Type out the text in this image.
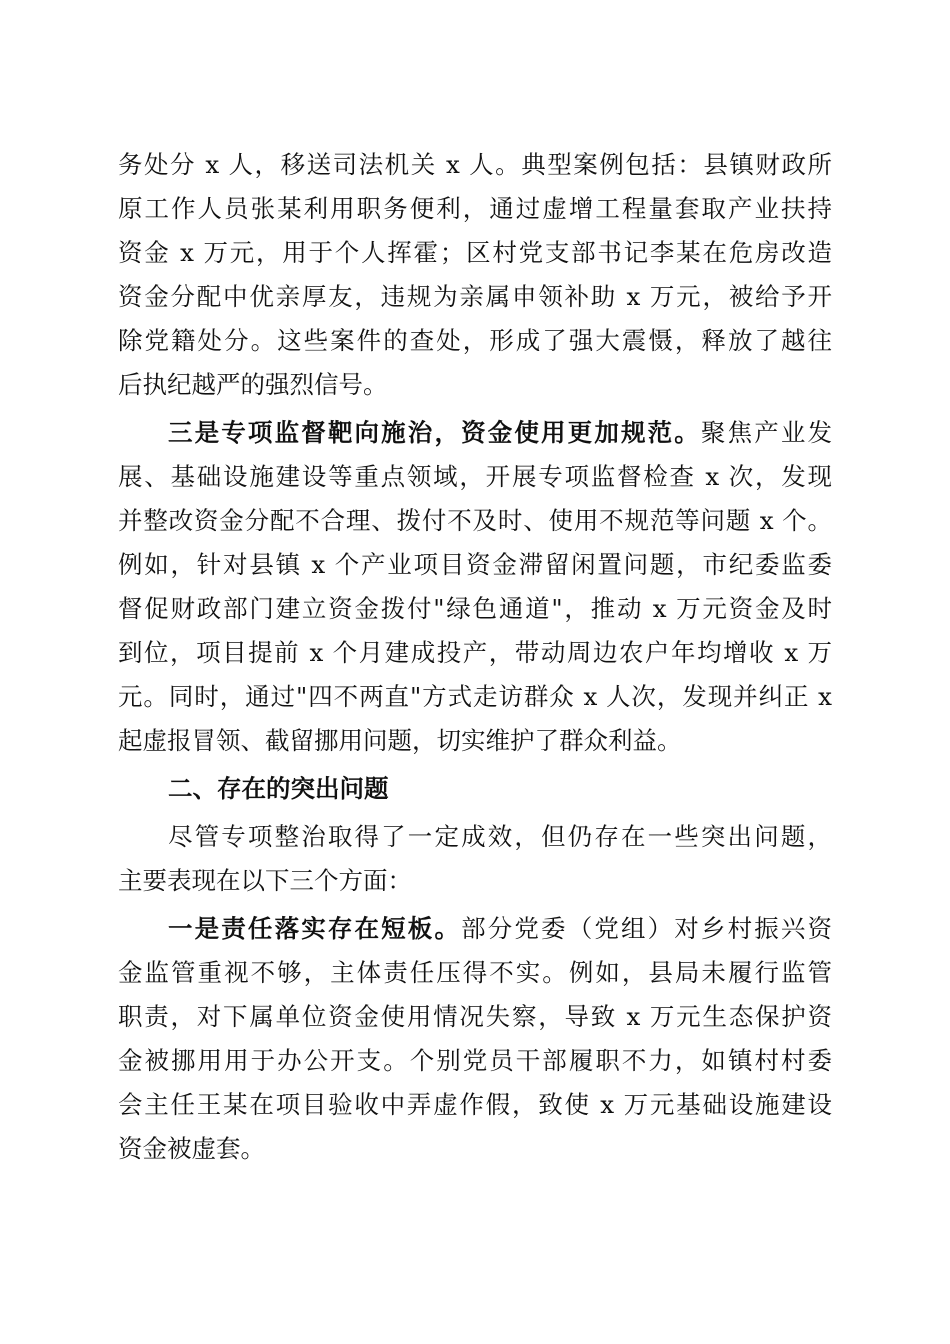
务处分 x 人，移送司法机关 x 人。典型案例包括：县镇财政所
原工作人员张某利用职务便利，通过虚增工程量套取产业扶持
资金 x 万元，用于个人挥霍；区村党支部书记李某在危房改造
资金分配中优亲厚友，违规为亲属申领补助 x 万元，被给予开
除党籍处分。这些案件的查处，形成了强大震慑，释放了越往
后执纪越严的强烈信号。
三是专项监督靶向施治，资金使用更加规范。聚焦产业发
展、基础设施建设等重点领域，开展专项监督检查 x 次，发现
并整改资金分配不合理、拨付不及时、使用不规范等问题 x 个。
例如，针对县镇 x 个产业项目资金滞留闲置问题，市纪委监委
督促财政部门建立资金拨付"绿色通道"，推动 x 万元资金及时
到位，项目提前 x 个月建成投产，带动周边农户年均增收 x 万
元。同时，通过"四不两直"方式走访群众 x 人次，发现并纠正 x
起虚报冒领、截留挪用问题，切实维护了群众利益。
二、存在的突出问题
尽管专项整治取得了一定成效，但仍存在一些突出问题，
主要表现在以下三个方面：
一是责任落实存在短板。部分党委（党组）对乡村振兴资
金监管重视不够，主体责任压得不实。例如，县局未履行监管
职责，对下属单位资金使用情况失察，导致 x 万元生态保护资
金被挪用用于办公开支。个别党员干部履职不力，如镇村村委
会主任王某在项目验收中弄虚作假，致使 x 万元基础设施建设
资金被虚套。
